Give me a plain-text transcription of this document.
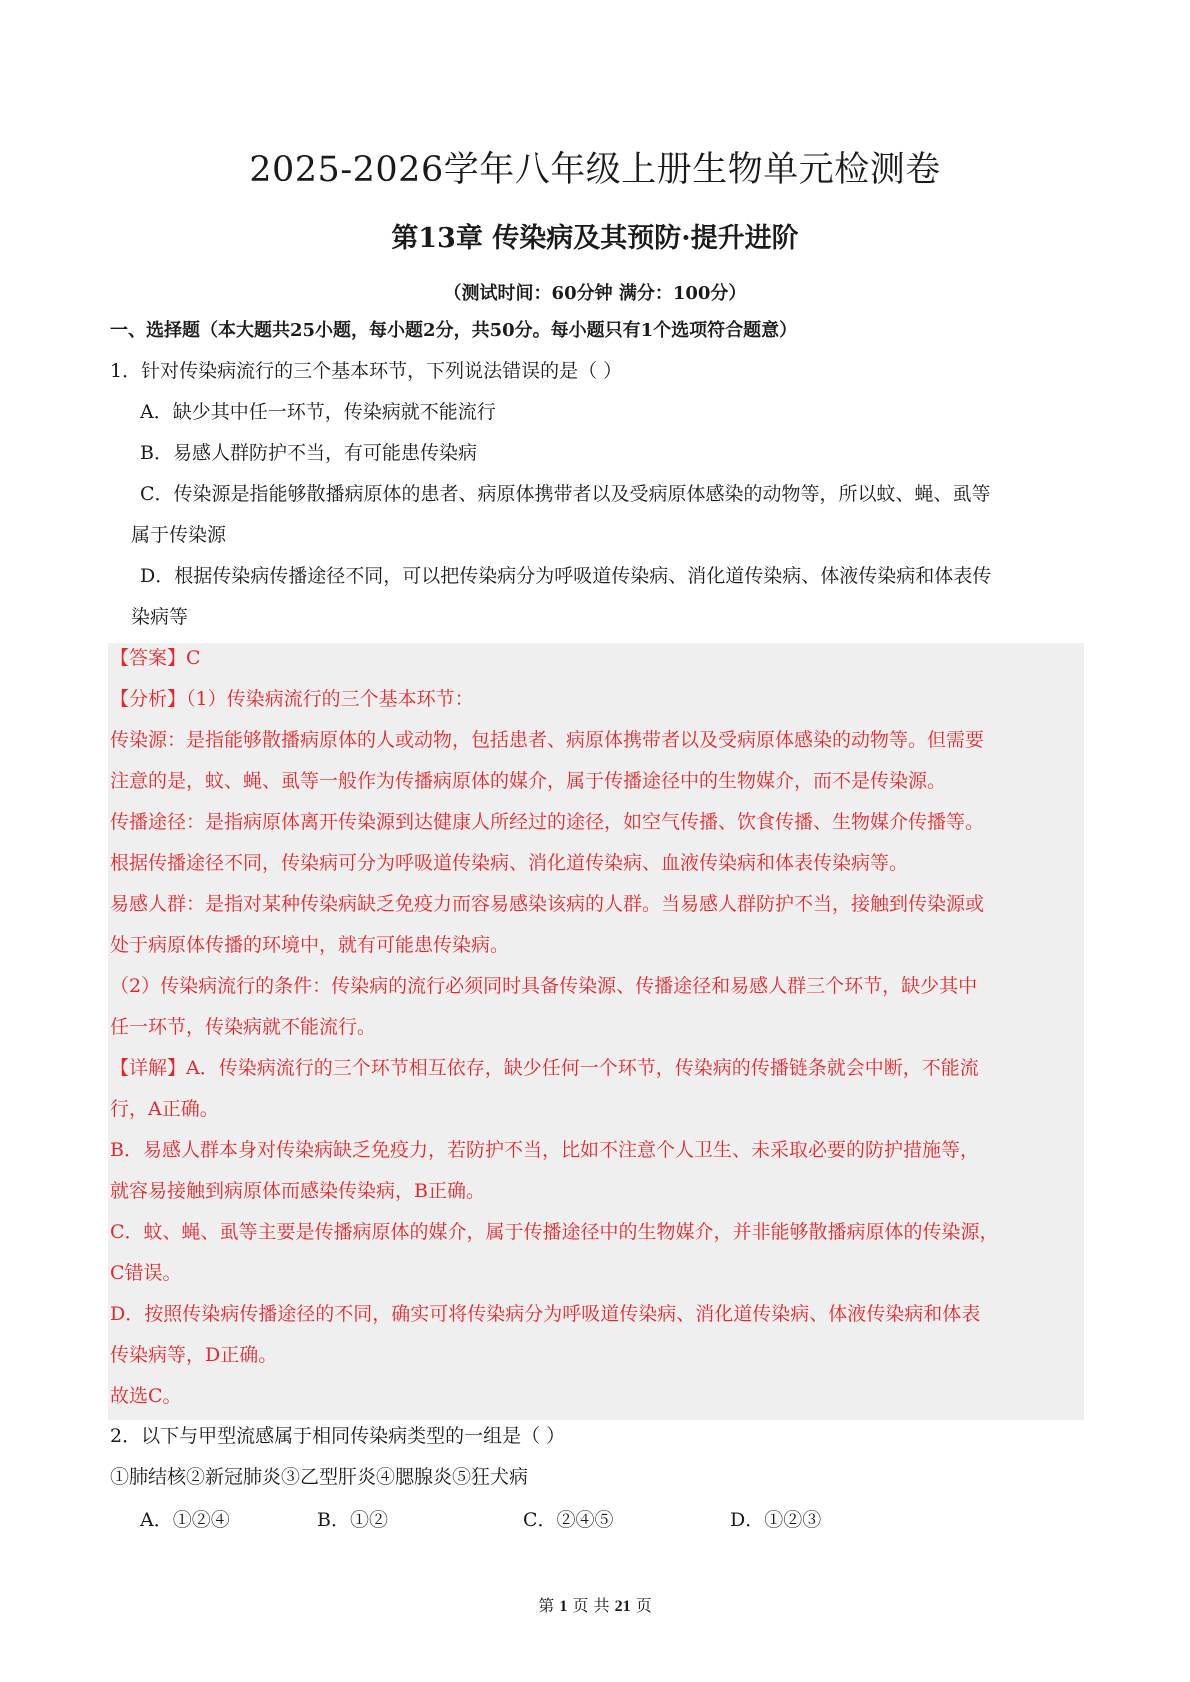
2025-2026学年八年级上册生物单元检测卷
第13章 传染病及其预防·提升进阶
（测试时间：60分钟 满分：100分）
一、选择题（本大题共25小题，每小题2分，共50分。每小题只有1个选项符合题意）
1．针对传染病流行的三个基本环节，下列说法错误的是（ ）
A．缺少其中任一环节，传染病就不能流行
B．易感人群防护不当，有可能患传染病
C．传染源是指能够散播病原体的患者、病原体携带者以及受病原体感染的动物等，所以蚊、蝇、虱等
属于传染源
D．根据传染病传播途径不同，可以把传染病分为呼吸道传染病、消化道传染病、体液传染病和体表传
染病等
【答案】C
【分析】（1）传染病流行的三个基本环节：
传染源：是指能够散播病原体的人或动物，包括患者、病原体携带者以及受病原体感染的动物等。但需要
注意的是，蚊、蝇、虱等一般作为传播病原体的媒介，属于传播途径中的生物媒介，而不是传染源。
传播途径：是指病原体离开传染源到达健康人所经过的途径，如空气传播、饮食传播、生物媒介传播等。
根据传播途径不同，传染病可分为呼吸道传染病、消化道传染病、血液传染病和体表传染病等。
易感人群：是指对某种传染病缺乏免疫力而容易感染该病的人群。当易感人群防护不当，接触到传染源或
处于病原体传播的环境中，就有可能患传染病。
（2）传染病流行的条件：传染病的流行必须同时具备传染源、传播途径和易感人群三个环节，缺少其中
任一环节，传染病就不能流行。
【详解】A．传染病流行的三个环节相互依存，缺少任何一个环节，传染病的传播链条就会中断，不能流
行，A正确。
B．易感人群本身对传染病缺乏免疫力，若防护不当，比如不注意个人卫生、未采取必要的防护措施等，
就容易接触到病原体而感染传染病，B正确。
C．蚊、蝇、虱等主要是传播病原体的媒介，属于传播途径中的生物媒介，并非能够散播病原体的传染源，
C错误。
D．按照传染病传播途径的不同，确实可将传染病分为呼吸道传染病、消化道传染病、体液传染病和体表
传染病等，D正确。
故选C。
2．以下与甲型流感属于相同传染病类型的一组是（ ）
①肺结核②新冠肺炎③乙型肝炎④腮腺炎⑤狂犬病
A．①②④	B．①②	C．②④⑤	D．①②③
第 1 页 共 21 页
